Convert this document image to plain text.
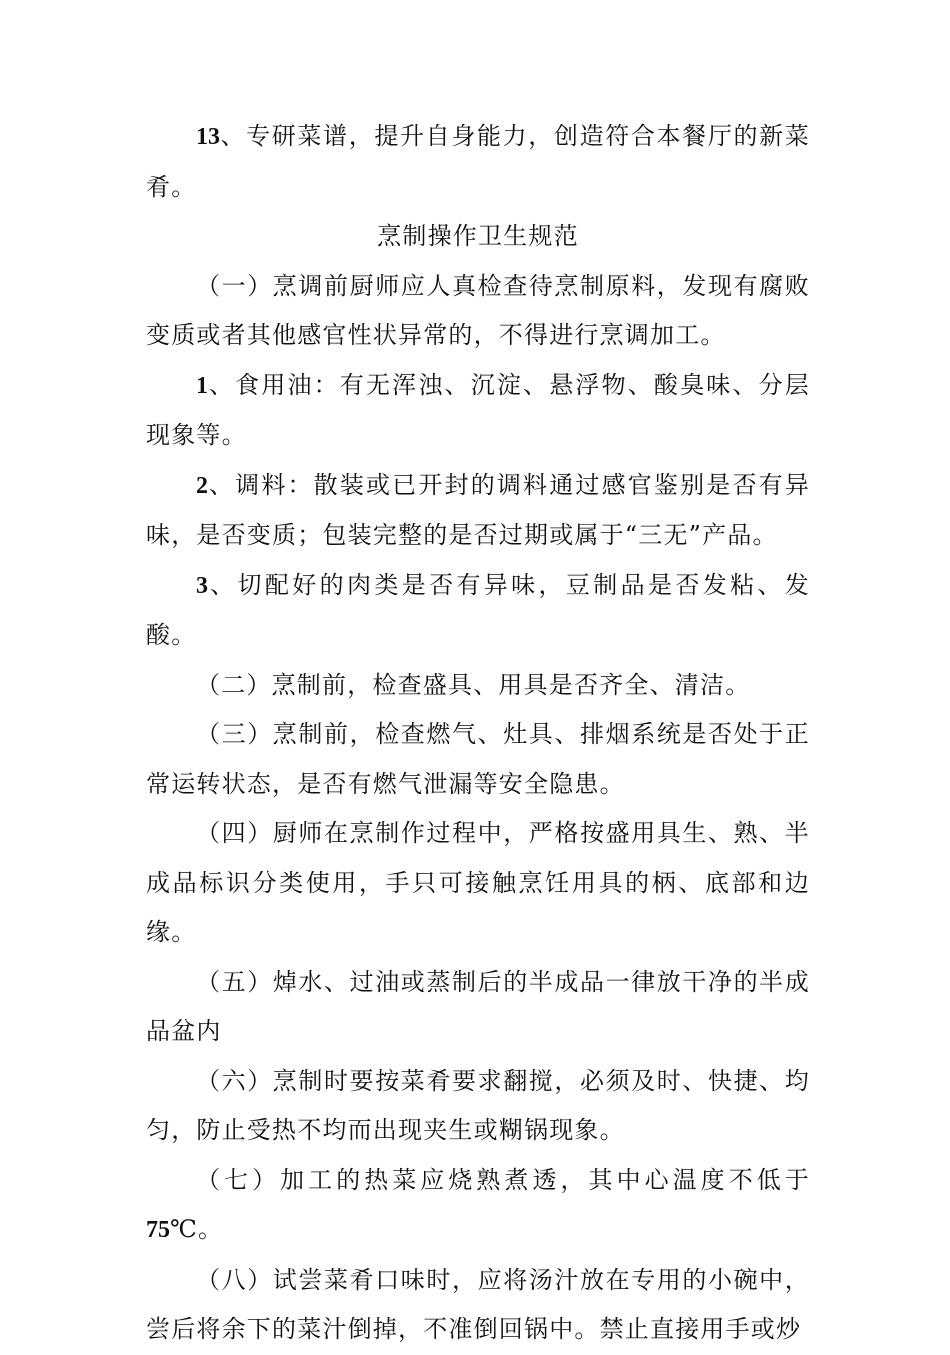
13、专研菜谱，提升自身能力，创造符合本餐厅的新菜肴。

烹制操作卫生规范

（一）烹调前厨师应人真检查待烹制原料，发现有腐败变质或者其他感官性状异常的，不得进行烹调加工。

1、食用油：有无浑浊、沉淀、悬浮物、酸臭味、分层现象等。

2、调料：散装或已开封的调料通过感官鉴别是否有异味，是否变质；包装完整的是否过期或属于“三无”产品。

3、切配好的肉类是否有异味，豆制品是否发粘、发酸。

（二）烹制前，检查盛具、用具是否齐全、清洁。

（三）烹制前，检查燃气、灶具、排烟系统是否处于正常运转状态，是否有燃气泄漏等安全隐患。

（四）厨师在烹制作过程中，严格按盛用具生、熟、半成品标识分类使用，手只可接触烹饪用具的柄、底部和边缘。

（五）焯水、过油或蒸制后的半成品一律放干净的半成品盆内

（六）烹制时要按菜肴要求翻搅，必须及时、快捷、均匀，防止受热不均而出现夹生或糊锅现象。

（七）加工的热菜应烧熟煮透，其中心温度不低于75℃。

（八）试尝菜肴口味时，应将汤汁放在专用的小碗中，尝后将余下的菜汁倒掉，不准倒回锅中。禁止直接用手或炒
